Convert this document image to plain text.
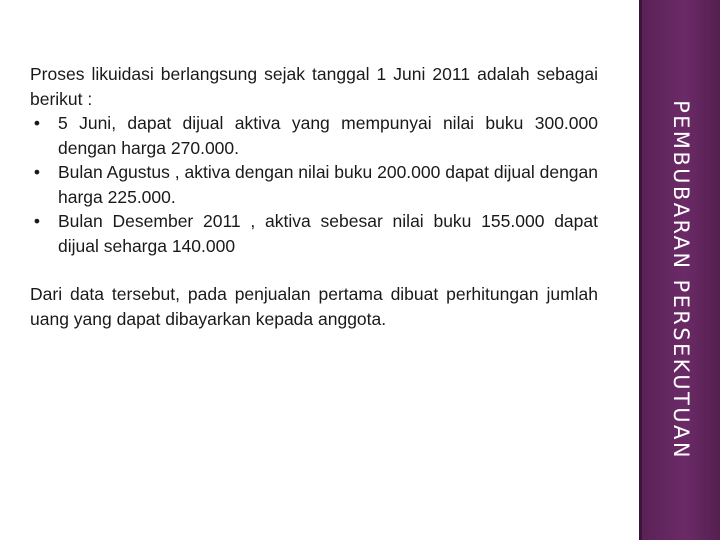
Proses likuidasi berlangsung sejak tanggal 1 Juni 2011 adalah sebagai berikut :

• 5 Juni, dapat dijual aktiva yang mempunyai nilai buku 300.000 dengan harga 270.000.
• Bulan Agustus , aktiva dengan nilai buku 200.000 dapat dijual dengan harga 225.000.
• Bulan Desember 2011 , aktiva sebesar nilai buku 155.000 dapat dijual seharga 140.000

Dari data tersebut, pada penjualan pertama dibuat perhitungan jumlah uang yang dapat dibayarkan kepada anggota.	PEMBUBARAN PERSEKUTUAN
